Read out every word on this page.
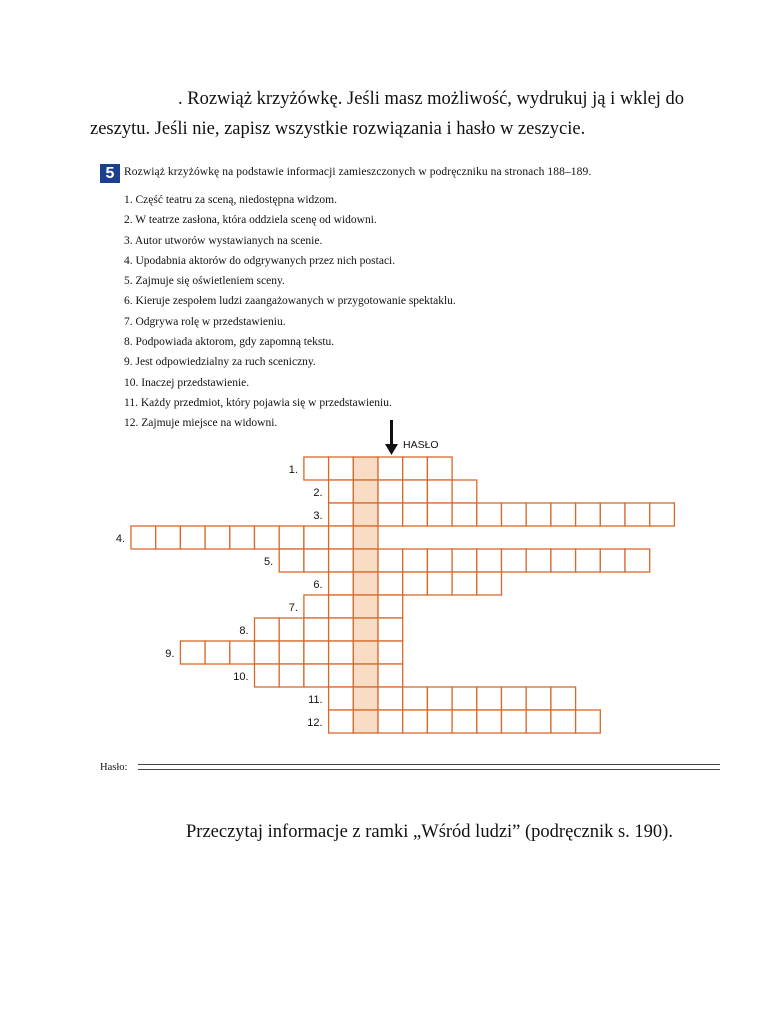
. Rozwiąż krzyżówkę. Jeśli masz możliwość, wydrukuj ją i wklej do
zeszytu. Jeśli nie, zapisz wszystkie rozwiązania i hasło w zeszycie.
5 Rozwiąż krzyżówkę na podstawie informacji zamieszczonych w podręczniku na stronach 188–189.
1. Część teatru za sceną, niedostępna widzom.
2. W teatrze zasłona, która oddziela scenę od widowni.
3. Autor utworów wystawianych na scenie.
4. Upodabnia aktorów do odgrywanych przez nich postaci.
5. Zajmuje się oświetleniem sceny.
6. Kieruje zespołem ludzi zaangażowanych w przygotowanie spektaklu.
7. Odgrywa rolę w przedstawieniu.
8. Podpowiada aktorom, gdy zapomną tekstu.
9. Jest odpowiedzialny za ruch sceniczny.
10. Inaczej przedstawienie.
11. Każdy przedmiot, który pojawia się w przedstawieniu.
12. Zajmuje miejsce na widowni.
HASŁO
1.
2.
3.
4.
5.
6.
7.
8.
9.
10.
11.
12.
Hasło:
Przeczytaj informacje z ramki „Wśród ludzi” (podręcznik s. 190).
